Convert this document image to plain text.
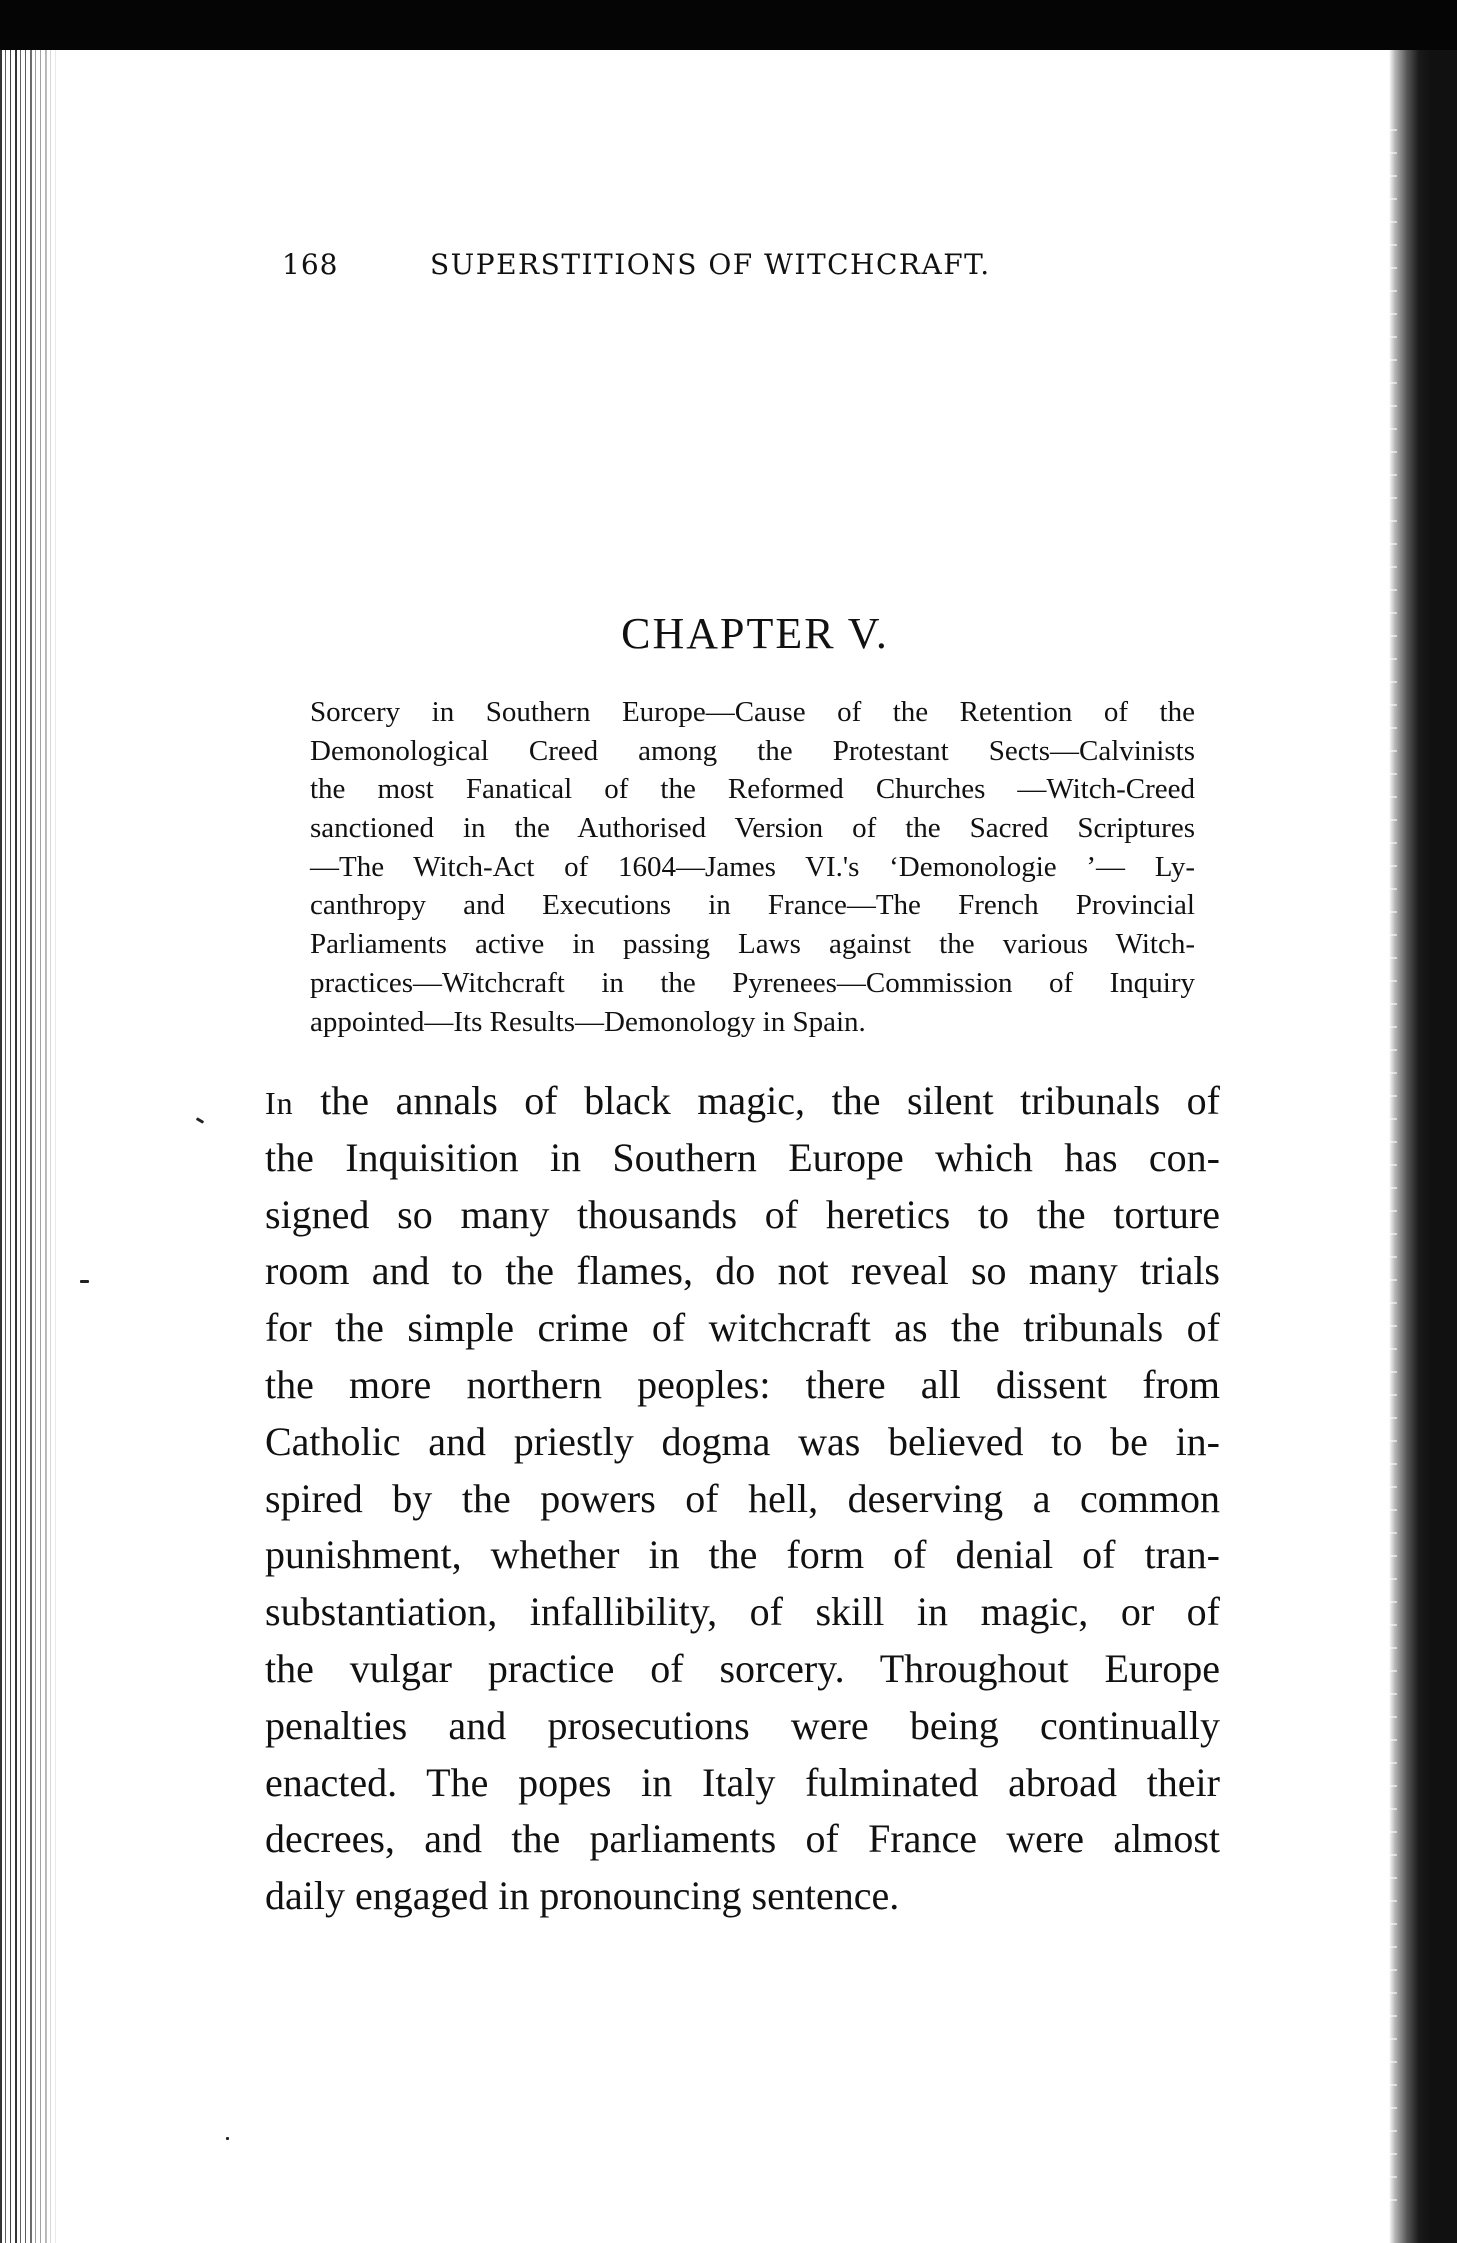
168	SUPERSTITIONS OF WITCHCRAFT.
CHAPTER V.
Sorcery in Southern Europe—Cause of the Retention of the
Demonological Creed among the Protestant Sects—Calvinists
the most Fanatical of the Reformed Churches —Witch-Creed
sanctioned in the Authorised Version of the Sacred Scriptures
—The Witch-Act of 1604—James VI.'s ‘Demonologie ’— Ly-
canthropy and Executions in France—The French Provincial
Parliaments active in passing Laws against the various Witch-
practices—Witchcraft in the Pyrenees—Commission of Inquiry
appointed—Its Results—Demonology in Spain.
In the annals of black magic, the silent tribunals of
the Inquisition in Southern Europe which has con-
signed so many thousands of heretics to the torture
room and to the flames, do not reveal so many trials
for the simple crime of witchcraft as the tribunals of
the more northern peoples: there all dissent from
Catholic and priestly dogma was believed to be in-
spired by the powers of hell, deserving a common
punishment, whether in the form of denial of tran-
substantiation, infallibility, of skill in magic, or of
the vulgar practice of sorcery. Throughout Europe
penalties and prosecutions were being continually
enacted. The popes in Italy fulminated abroad their
decrees, and the parliaments of France were almost
daily engaged in pronouncing sentence.
